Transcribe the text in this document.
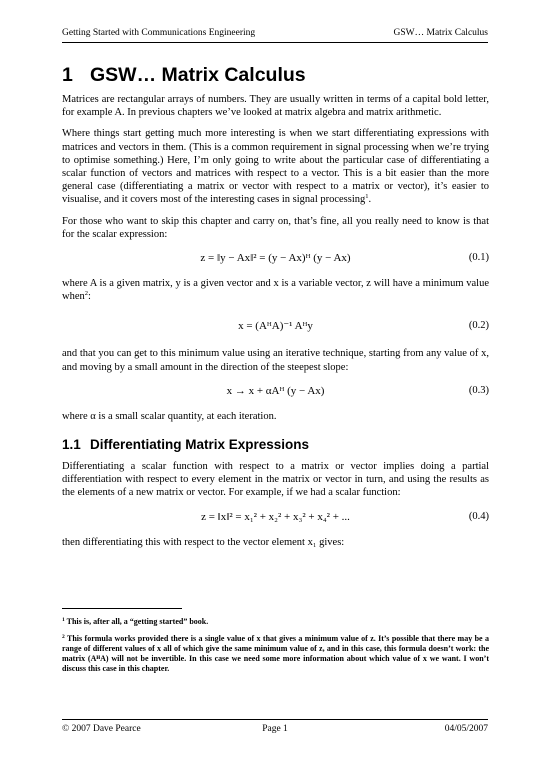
Getting Started with Communications Engineering	GSW… Matrix Calculus
1 GSW… Matrix Calculus

Matrices are rectangular arrays of numbers. They are usually written in terms of a capital bold letter, for example A. In previous chapters we’ve looked at matrix algebra and matrix arithmetic.

Where things start getting much more interesting is when we start differentiating expressions with matrices and vectors in them. (This is a common requirement in signal processing when we’re trying to optimise something.) Here, I’m only going to write about the particular case of differentiating a scalar function of vectors and matrices with respect to a vector. This is a bit easier than the more general case (differentiating a matrix or vector with respect to a matrix or vector), it’s easier to visualise, and it covers most of the interesting cases in signal processing$^1$.

For those who want to skip this chapter and carry on, that’s fine, all you really need to know is that for the scalar expression:

z = ‖y − Ax‖² = (y − Ax)ᴴ (y − Ax)	(0.1)

where A is a given matrix, y is a given vector and x is a variable vector, z will have a minimum value when$^2$:

x = (AᴴA)⁻¹ Aᴴy	(0.2)

and that you can get to this minimum value using an iterative technique, starting from any value of x, and moving by a small amount in the direction of the steepest slope:

x → x + αAᴴ (y − Ax)	(0.3)

where α is a small scalar quantity, at each iteration.

1.1 Differentiating Matrix Expressions

Differentiating a scalar function with respect to a matrix or vector implies doing a partial differentiation with respect to every element in the matrix or vector in turn, and using the results as the elements of a new matrix or vector. For example, if we had a scalar function:

z = ‖x‖² = x₁² + x₂² + x₃² + x₄² + ...	(0.4)

then differentiating this with respect to the vector element x₁ gives:

$^1$ This is, after all, a “getting started” book.
$^2$ This formula works provided there is a single value of x that gives a minimum value of z. It’s possible that there may be a range of different values of x all of which give the same minimum value of z, and in this case, this formula doesn’t work: the matrix (AᴴA) will not be invertible. In this case we need some more information about which value of x we want. I won’t discuss this case in this chapter.
© 2007 Dave Pearce	Page 1	04/05/2007
